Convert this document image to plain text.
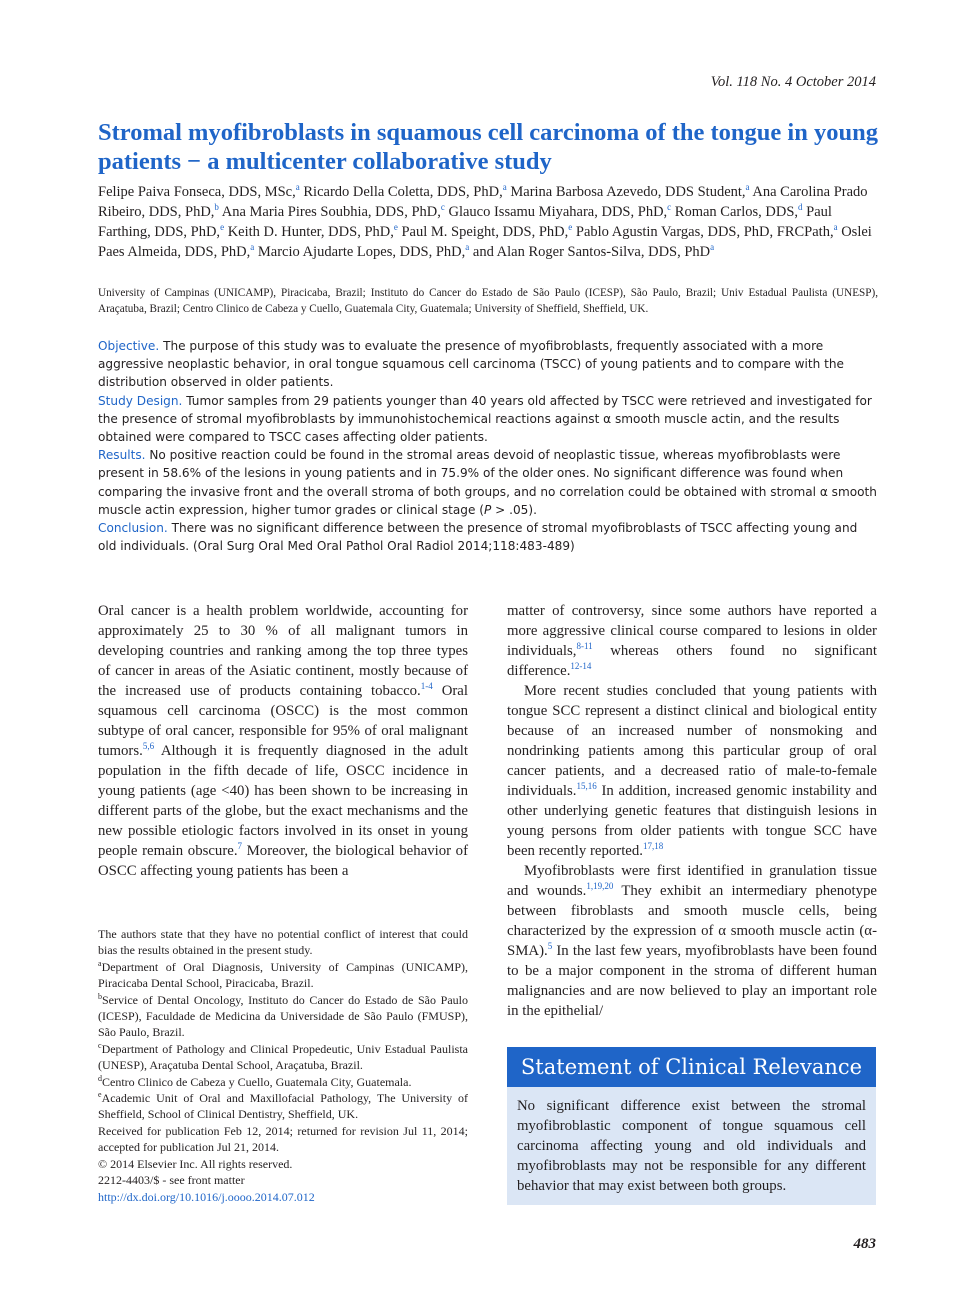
Vol. 118 No. 4 October 2014
Stromal myofibroblasts in squamous cell carcinoma of the tongue in young patients − a multicenter collaborative study
Felipe Paiva Fonseca, DDS, MSc,$^a$ Ricardo Della Coletta, DDS, PhD,$^a$ Marina Barbosa Azevedo, DDS Student,$^a$ Ana Carolina Prado Ribeiro, DDS, PhD,$^b$ Ana Maria Pires Soubhia, DDS, PhD,$^c$ Glauco Issamu Miyahara, DDS, PhD,$^c$ Roman Carlos, DDS,$^d$ Paul Farthing, DDS, PhD,$^e$ Keith D. Hunter, DDS, PhD,$^e$ Paul M. Speight, DDS, PhD,$^e$ Pablo Agustin Vargas, DDS, PhD, FRCPath,$^a$ Oslei Paes Almeida, DDS, PhD,$^a$ Marcio Ajudarte Lopes, DDS, PhD,$^a$ and Alan Roger Santos-Silva, DDS, PhD$^a$
University of Campinas (UNICAMP), Piracicaba, Brazil; Instituto do Cancer do Estado de São Paulo (ICESP), São Paulo, Brazil; Univ Estadual Paulista (UNESP), Araçatuba, Brazil; Centro Clinico de Cabeza y Cuello, Guatemala City, Guatemala; University of Sheffield, Sheffield, UK.

Objective. The purpose of this study was to evaluate the presence of myofibroblasts, frequently associated with a more aggressive neoplastic behavior, in oral tongue squamous cell carcinoma (TSCC) of young patients and to compare with the distribution observed in older patients.

Study Design. Tumor samples from 29 patients younger than 40 years old affected by TSCC were retrieved and investigated for the presence of stromal myofibroblasts by immunohistochemical reactions against α smooth muscle actin, and the results obtained were compared to TSCC cases affecting older patients.

Results. No positive reaction could be found in the stromal areas devoid of neoplastic tissue, whereas myofibroblasts were present in 58.6% of the lesions in young patients and in 75.9% of the older ones. No significant difference was found when comparing the invasive front and the overall stroma of both groups, and no correlation could be obtained with stromal α smooth muscle actin expression, higher tumor grades or clinical stage (P > .05).

Conclusion. There was no significant difference between the presence of stromal myofibroblasts of TSCC affecting young and old individuals. (Oral Surg Oral Med Oral Pathol Oral Radiol 2014;118:483-489)

Oral cancer is a health problem worldwide, accounting for approximately 25 to 30 % of all malignant tumors in developing countries and ranking among the top three types of cancer in areas of the Asiatic continent, mostly because of the increased use of products containing tobacco.$^{1-4}$ Oral squamous cell carcinoma (OSCC) is the most common subtype of oral cancer, responsible for 95% of oral malignant tumors.$^{5,6}$ Although it is frequently diagnosed in the adult population in the fifth decade of life, OSCC incidence in young patients (age <40) has been shown to be increasing in different parts of the globe, but the exact mechanisms and the new possible etiologic factors involved in its onset in young people remain obscure.$^7$ Moreover, the biological behavior of OSCC affecting young patients has been a

matter of controversy, since some authors have reported a more aggressive clinical course compared to lesions in older individuals,$^{8-11}$ whereas others found no significant difference.$^{12-14}$

More recent studies concluded that young patients with tongue SCC represent a distinct clinical and biological entity because of an increased number of nonsmoking and nondrinking patients among this particular group of oral cancer patients, and a decreased ratio of male-to-female individuals.$^{15,16}$ In addition, increased genomic instability and other underlying genetic features that distinguish lesions in young persons from older patients with tongue SCC have been recently reported.$^{17,18}$

Myofibroblasts were first identified in granulation tissue and wounds.$^{1,19,20}$ They exhibit an intermediary phenotype between fibroblasts and smooth muscle cells, being characterized by the expression of α smooth muscle actin (α-SMA).$^5$ In the last few years, myofibroblasts have been found to be a major component in the stroma of different human malignancies and are now believed to play an important role in the epithelial/

The authors state that they have no potential conflict of interest that could bias the results obtained in the present study.

$^a$Department of Oral Diagnosis, University of Campinas (UNICAMP), Piracicaba Dental School, Piracicaba, Brazil.

$^b$Service of Dental Oncology, Instituto do Cancer do Estado de São Paulo (ICESP), Faculdade de Medicina da Universidade de São Paulo (FMUSP), São Paulo, Brazil.

$^c$Department of Pathology and Clinical Propedeutic, Univ Estadual Paulista (UNESP), Araçatuba Dental School, Araçatuba, Brazil.

$^d$Centro Clinico de Cabeza y Cuello, Guatemala City, Guatemala.

$^e$Academic Unit of Oral and Maxillofacial Pathology, The University of Sheffield, School of Clinical Dentistry, Sheffield, UK.

Received for publication Feb 12, 2014; returned for revision Jul 11, 2014; accepted for publication Jul 21, 2014.

© 2014 Elsevier Inc. All rights reserved.

2212-4403/$ - see front matter

http://dx.doi.org/10.1016/j.oooo.2014.07.012

Statement of Clinical Relevance
No significant difference exist between the stromal myofibroblastic component of tongue squamous cell carcinoma affecting young and old individuals and myofibroblasts may not be responsible for any different behavior that may exist between both groups.
483
